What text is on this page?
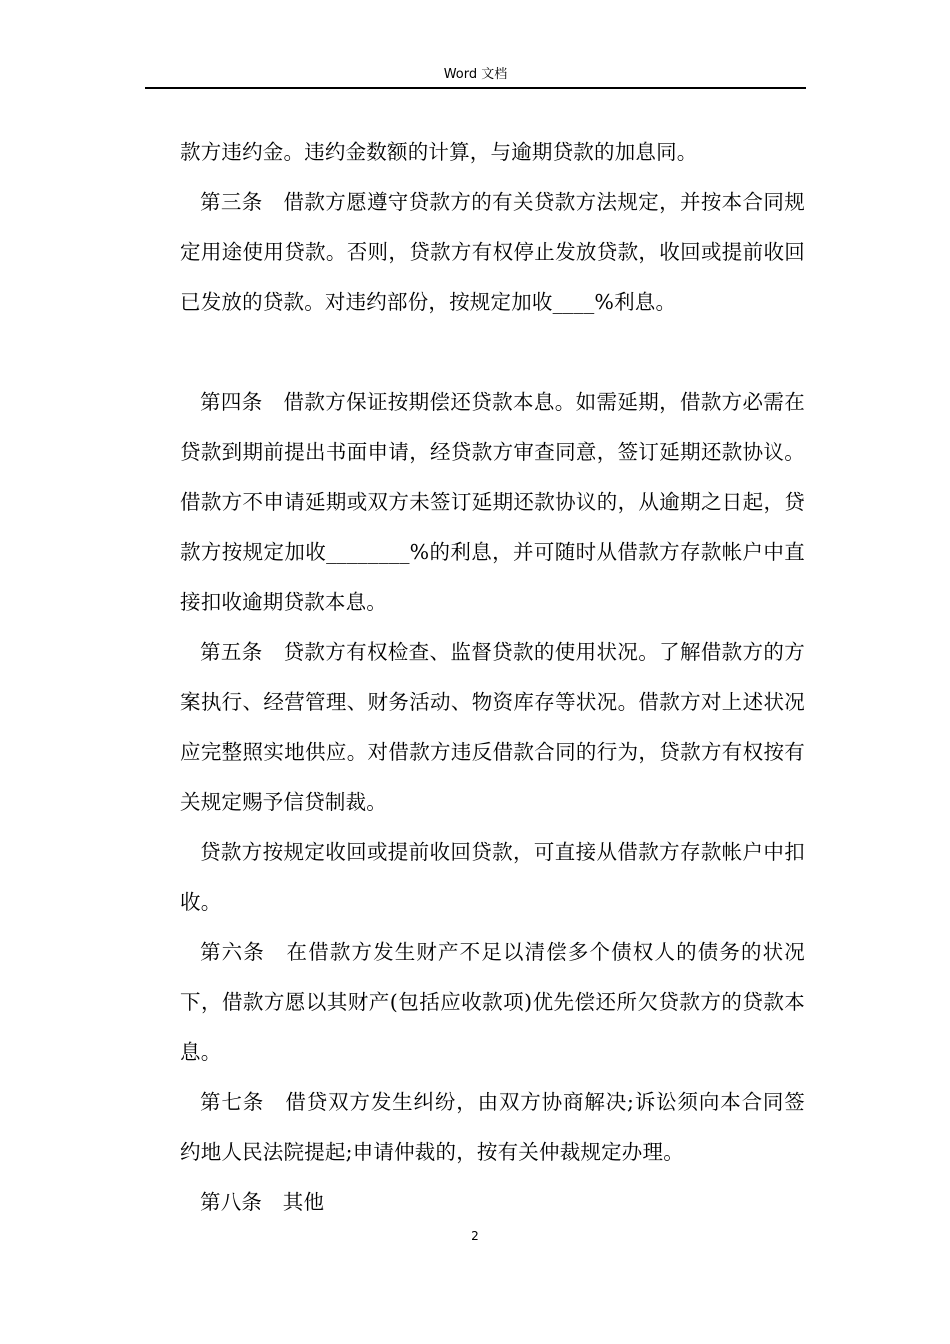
Word 文档

款方违约金。违约金数额的计算，与逾期贷款的加息同。

第三条　借款方愿遵守贷款方的有关贷款方法规定，并按本合同规定用途使用贷款。否则，贷款方有权停止发放贷款，收回或提前收回已发放的贷款。对违约部份，按规定加收____%利息。

第四条　借款方保证按期偿还贷款本息。如需延期，借款方必需在贷款到期前提出书面申请，经贷款方审查同意，签订延期还款协议。借款方不申请延期或双方未签订延期还款协议的，从逾期之日起，贷款方按规定加收________%的利息，并可随时从借款方存款帐户中直接扣收逾期贷款本息。

第五条　贷款方有权检查、监督贷款的使用状况。了解借款方的方案执行、经营管理、财务活动、物资库存等状况。借款方对上述状况应完整照实地供应。对借款方违反借款合同的行为，贷款方有权按有关规定赐予信贷制裁。

贷款方按规定收回或提前收回贷款，可直接从借款方存款帐户中扣收。

第六条　在借款方发生财产不足以清偿多个债权人的债务的状况下，借款方愿以其财产(包括应收款项)优先偿还所欠贷款方的贷款本息。

第七条　借贷双方发生纠纷，由双方协商解决;诉讼须向本合同签约地人民法院提起;申请仲裁的，按有关仲裁规定办理。

第八条　其他

2
